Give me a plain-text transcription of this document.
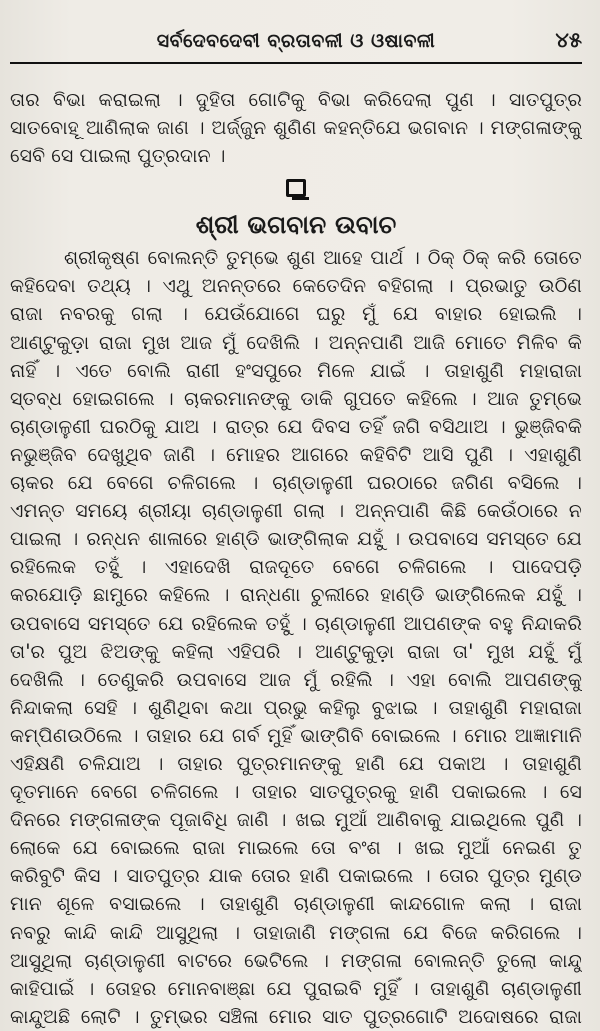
ସର୍ବଦେବଦେବୀ ବ୍ରତାବଳୀ ଓ ଓଷାବଳୀ	୪୫
ତାର ବିଭା କରାଇଲା । ଦୁହିତା ଗୋଟିକୁ ବିଭା କରିଦେଲା ପୁଣ । ସାତପୁତ୍ର
ସାତବୋହୂ ଆଣିଲାକ ଜାଣ । ଅର୍ଜ୍ଜୁନ ଶୁଣିଣ କହନ୍ତିଯେ ଭଗବାନ । ମଙ୍ଗଳାଙ୍କୁ
ସେବି ସେ ପାଇଲା ପୁତ୍ରଦାନ ।
ଶ୍ରୀ ଭଗବାନ ଉବାଚ
ଶ୍ରୀକୃଷ୍ଣ ବୋଲନ୍ତି ତୁମ୍ଭେ ଶୁଣ ଆହେ ପାର୍ଥ । ଠିକ୍ ଠିକ୍ କରି ତୋତେ
କହିଦେବା ତଥ୍ୟ । ଏଥୁ ଅନନ୍ତରେ କେତେଦିନ ବହିଗଲା । ପ୍ରଭାତୁ ଉଠିଣ
ରାଜା ନବରକୁ ଗଲା । ଯେଉଁଯୋଗେ ଘରୁ ମୁଁ ଯେ ବାହାର ହୋଇଲି ।
ଆଣ୍ଟୁକୁଡ଼ା ରାଜା ମୁଖ ଆଜ ମୁଁ ଦେଖିଲି । ଅନ୍ନପାଣି ଆଜି ମୋତେ ମିଳିବ କି
ନାହିଁ । ଏତେ ବୋଲି ରାଣୀ ହଂସପୁରେ ମିଳେ ଯାଇଁ । ତାହାଶୁଣି ମହାରାଜା
ସ୍ତବ୍ଧ ହୋଇଗଲେ । ଚାକରମାନଙ୍କୁ ଡାକି ଗୁପତେ କହିଲେ । ଆଜ ତୁମ୍ଭେ
ଚାଣ୍ଡାଳୁଣୀ ଘରଠିକୁ ଯାଅ । ରାତ୍ର ଯେ ଦିବସ ତହିଁ ଜଗି ବସିଥାଅ । ଭୁଞ୍ଜିବକି
ନଭୁଞ୍ଜିବ ଦେଖୁଥିବ ଜାଣି । ମୋହର ଆଗରେ କହିବିଟି ଆସି ପୁଣି । ଏହାଶୁଣି
ଚାକର ଯେ ବେଗେ ଚଳିଗଲେ । ଚାଣ୍ଡାଳୁଣୀ ଘରଠାରେ ଜଗିଣ ବସିଲେ ।
ଏମନ୍ତ ସମୟେ ଶ୍ରୀୟା ଚାଣ୍ଡାଳୁଣୀ ଗଲା । ଅନ୍ନପାଣି କିଛି କେଉଁଠାରେ ନ
ପାଇଲା । ରନ୍ଧନ ଶାଳାରେ ହାଣ୍ଡି ଭାଙ୍ଗିଲାକ ଯହୁଁ । ଉପବାସେ ସମସ୍ତେ ଯେ
ରହିଲେକ ତହୁଁ । ଏହାଦେଖି ରାଜଦୂତେ ବେଗେ ଚଳିଗଲେ । ପାଦେପଡ଼ି
କରଯୋଡ଼ି ଛାମୁରେ କହିଲେ । ରାନ୍ଧଣା ଚୁଲୀରେ ହାଣ୍ଡି ଭାଙ୍ଗିଲେକ ଯହୁଁ ।
ଉପବାସେ ସମସ୍ତେ ଯେ ରହିଲେକ ତହୁଁ । ଚାଣ୍ଡାଳୁଣୀ ଆପଣଙ୍କ ବହୁ ନିନ୍ଦାକରି
ତା'ର ପୁଅ ଝିଅଙ୍କୁ କହିଲା ଏହିପରି । ଆଣ୍ଟୁକୁଡ଼ା ରାଜା ତା' ମୁଖ ଯହୁଁ ମୁଁ
ଦେଖିଲି । ତେଣୁକରି ଉପବାସେ ଆଜ ମୁଁ ରହିଲି । ଏହା ବୋଲି ଆପଣଙ୍କୁ
ନିନ୍ଦାକଲା ସେହି । ଶୁଣିଥିବା କଥା ପ୍ରଭୁ କହିଲୁ ବୁଝାଇ । ତାହାଶୁଣି ମହାରାଜା
କମ୍ପିଣଉଠିଲେ । ତାହାର ଯେ ଗର୍ବ ମୁହିଁ ଭାଙ୍ଗିବି ବୋଇଲେ । ମୋର ଆଜ୍ଞାମାନି
ଏହିକ୍ଷଣି ଚଳିଯାଅ । ତାହାର ପୁତ୍ରମାନଙ୍କୁ ହାଣି ଯେ ପକାଅ । ତାହାଶୁଣି
ଦୂତମାନେ ବେଗେ ଚଳିଗଲେ । ତାହାର ସାତପୁତ୍ରକୁ ହାଣି ପକାଇଲେ । ସେ
ଦିନରେ ମଙ୍ଗଳାଙ୍କ ପୂଜାବିଧି ଜାଣି । ଖଇ ମୁଆଁ ଆଣିବାକୁ ଯାଇଥିଲେ ପୁଣି ।
ଲୋକେ ଯେ ବୋଇଲେ ରାଜା ମାଇଲେ ତୋ ବଂଶ । ଖଇ ମୁଆଁ ନେଇଣ ତୁ
କରିବୁଟି କିସ । ସାତପୁତ୍ର ଯାକ ତୋର ହାଣି ପକାଇଲେ । ତୋର ପୁତ୍ର ମୁଣ୍ଡ
ମାନ ଶୂଳେ ବସାଇଲେ । ତାହାଶୁଣି ଚାଣ୍ଡାଳୁଣୀ କାନ୍ଦଗୋଳ କଲା । ରାଜା
ନବରୁ କାନ୍ଦି କାନ୍ଦି ଆସୁଥିଲା । ତାହାଜାଣି ମଙ୍ଗଳା ଯେ ବିଜେ କରିଗଲେ ।
ଆସୁଥିଲା ଚାଣ୍ଡାଳୁଣୀ ବାଟରେ ଭେଟିଲେ । ମଙ୍ଗଳା ବୋଲନ୍ତି ତୁଲୋ କାନ୍ଦୁ
କାହିପାଇଁ । ତୋହର ମୋନବାଞ୍ଛା ଯେ ପୁରାଇବି ମୁହିଁ । ତାହାଶୁଣି ଚାଣ୍ଡାଳୁଣୀ
କାନ୍ଦୁଅଛି ଲୋଟି । ତୁମ୍ଭର ସଞ୍ଚିଳା ମୋର ସାତ ପୁତ୍ରଗୋଟି ଅଦୋଷରେ ରାଜା
